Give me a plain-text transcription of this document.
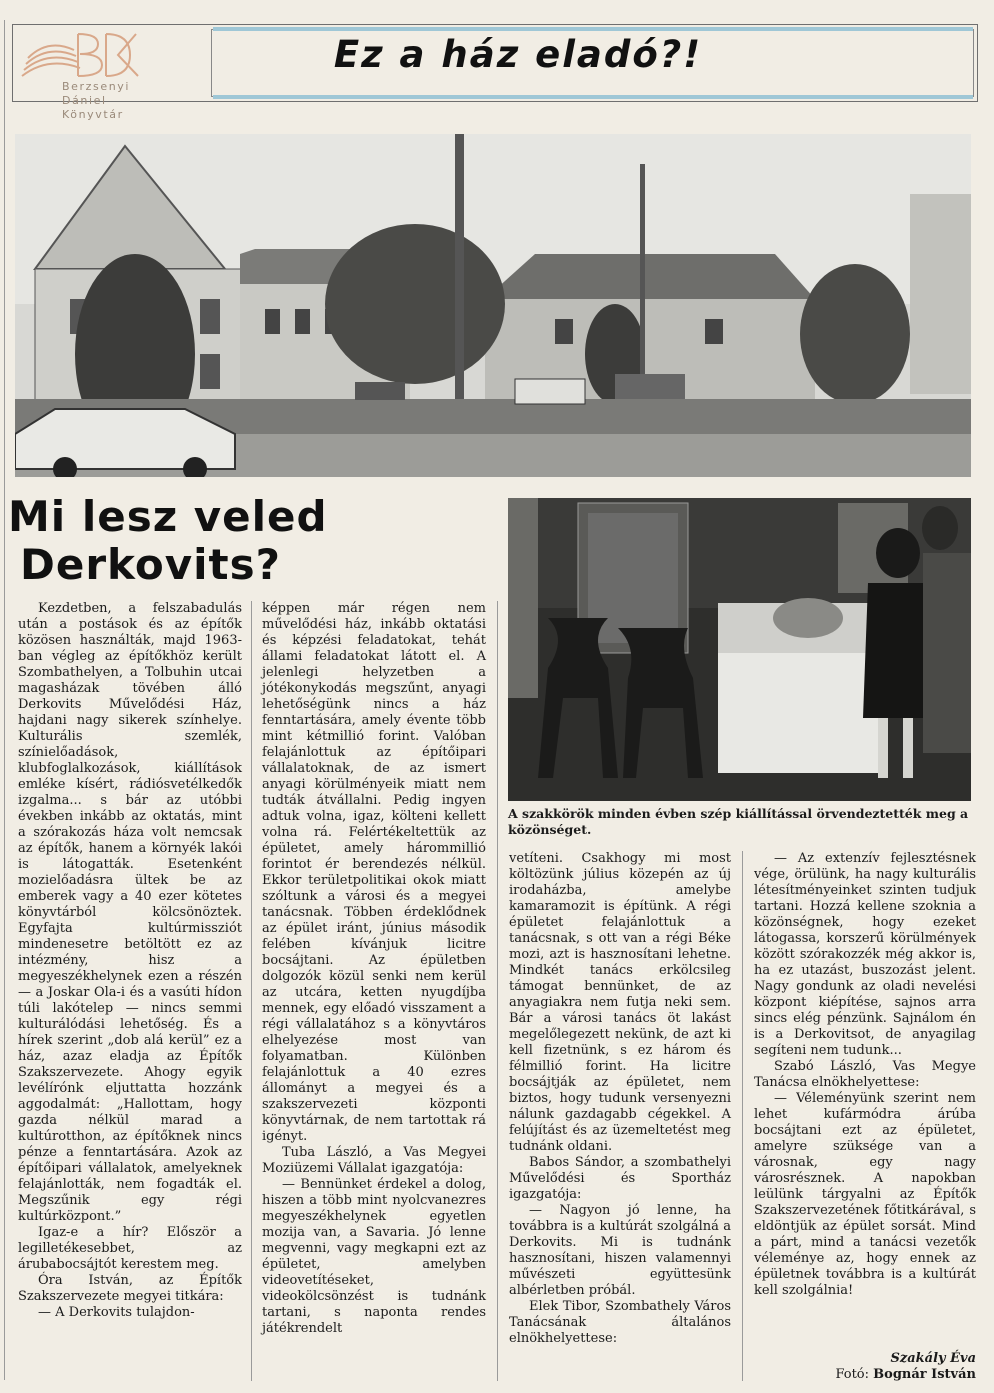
Ez a ház eladó?!
Berzsenyi
Dániel
Könyvtár
Mi lesz veled
Derkovits?
A szakkörök minden évben szép kiállítással örvendeztették meg a közönséget.

Kezdetben, a felszabadulás után a postások és az építők közösen használták, majd 1963-ban végleg az építőkhöz került Szombathelyen, a Tolbuhin utcai magasházak tövében álló Derkovits Művelődési Ház, hajdani nagy sikerek színhelye. Kulturális szemlék, színielőadások, klubfoglalkozások, kiállítások emléke kísért, rádiósvetélkedők izgalma... s bár az utóbbi években inkább az oktatás, mint a szórakozás háza volt nemcsak az építők, hanem a környék lakói is látogatták. Esetenként mozielőadásra ültek be az emberek vagy a 40 ezer kötetes könyvtárból kölcsönöztek. Egyfajta kultúrmissziót mindenesetre betöltött ez az intézmény, hisz a megyeszékhelynek ezen a részén — a Joskar Ola-i és a vasúti hídon túli lakótelep — nincs semmi kulturálódási lehetőség. És a hírek szerint „dob alá kerül” ez a ház, azaz eladja az Építők Szakszervezete. Ahogy egyik levélírónk eljuttatta hozzánk aggodalmát: „Hallottam, hogy gazda nélkül marad a kultúrotthon, az építőknek nincs pénze a fenntartására. Azok az építőipari vállalatok, amelyeknek felajánlották, nem fogadták el. Megszűnik egy régi kultúrközpont.”

Igaz-e a hír? Először a legilletékesebbet, az árubabocsájtót kerestem meg.

Óra István, az Építők Szakszervezete megyei titkára:

— A Derkovits tulajdon-

képpen már régen nem művelődési ház, inkább oktatási és képzési feladatokat, tehát állami feladatokat látott el. A jelenlegi helyzetben a jótékonykodás megszűnt, anyagi lehetőségünk nincs a ház fenntartására, amely évente több mint kétmillió forint. Valóban felajánlottuk az építőipari vállalatoknak, de az ismert anyagi körülményeik miatt nem tudták átvállalni. Pedig ingyen adtuk volna, igaz, költeni kellett volna rá. Felértékeltettük az épületet, amely hárommillió forintot ér berendezés nélkül. Ekkor területpolitikai okok miatt szóltunk a városi és a megyei tanácsnak. Többen érdeklődnek az épület iránt, június második felében kívánjuk licitre bocsájtani. Az épületben dolgozók közül senki nem kerül az utcára, ketten nyugdíjba mennek, egy előadó visszament a régi vállalatához s a könyvtáros elhelyezése most van folyamatban. Különben felajánlottuk a 40 ezres állományt a megyei és a szakszervezeti központi könyvtárnak, de nem tartottak rá igényt.

Tuba László, a Vas Megyei Moziüzemi Vállalat igazgatója:

— Bennünket érdekel a dolog, hiszen a több mint nyolcvanezres megyeszékhelynek egyetlen mozija van, a Savaria. Jó lenne megvenni, vagy megkapni ezt az épületet, amelyben videovetítéseket, videokölcsönzést is tudnánk tartani, s naponta rendes játékrendelt

vetíteni. Csakhogy mi most költözünk július közepén az új irodaházba, amelybe kamaramozit is építünk. A régi épületet felajánlottuk a tanácsnak, s ott van a régi Béke mozi, azt is hasznosítani lehetne. Mindkét tanács erkölcsileg támogat bennünket, de az anyagiakra nem futja neki sem. Bár a városi tanács öt lakást megelőlegezett nekünk, de azt ki kell fizetnünk, s ez három és félmillió forint. Ha licitre bocsájtják az épületet, nem biztos, hogy tudunk versenyezni nálunk gazdagabb cégekkel. A felújítást és az üzemeltetést meg tudnánk oldani.

Babos Sándor, a szombathelyi Művelődési és Sportház igazgatója:

— Nagyon jó lenne, ha továbbra is a kultúrát szolgálná a Derkovits. Mi is tudnánk hasznosítani, hiszen valamennyi művészeti együttesünk albérletben próbál.

Elek Tibor, Szombathely Város Tanácsának általános elnökhelyettese:

— Az extenzív fejlesztésnek vége, örülünk, ha nagy kulturális létesítményeinket szinten tudjuk tartani. Hozzá kellene szoknia a közönségnek, hogy ezeket látogassa, korszerű körülmények között szórakozzék még akkor is, ha ez utazást, buszozást jelent. Nagy gondunk az oladi nevelési központ kiépítése, sajnos arra sincs elég pénzünk. Sajnálom én is a Derkovitsot, de anyagilag segíteni nem tudunk...

Szabó László, Vas Megye Tanácsa elnökhelyettese:

— Véleményünk szerint nem lehet kufármódra árúba bocsájtani ezt az épületet, amelyre szüksége van a városnak, egy nagy városrésznek. A napokban leülünk tárgyalni az Építők Szakszervezetének főtitkárával, s eldöntjük az épület sorsát. Mind a párt, mind a tanácsi vezetők véleménye az, hogy ennek az épületnek továbbra is a kultúrát kell szolgálnia!

Szakály Éva
Fotó: Bognár István
